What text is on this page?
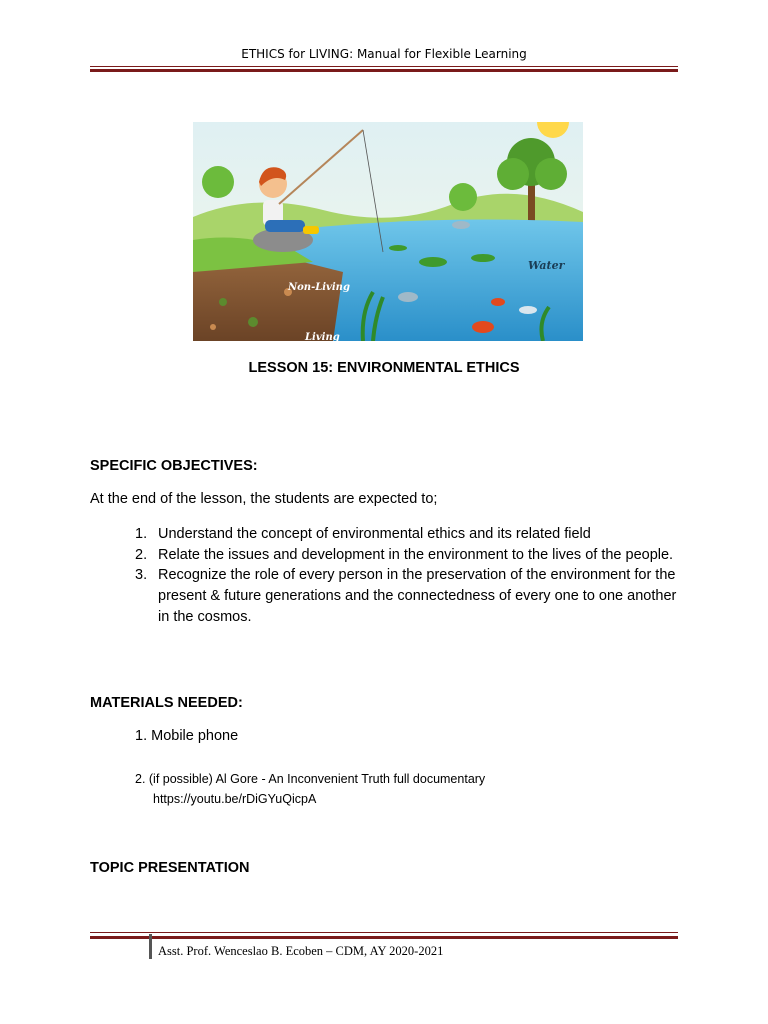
ETHICS for LIVING: Manual for Flexible Learning
Water
Non-Living
Living
LESSON 15: ENVIRONMENTAL ETHICS
SPECIFIC OBJECTIVES:
At the end of the lesson, the students are expected to;
1. Understand the concept of environmental ethics and its related field
2. Relate the issues and development in the environment to the lives of the people.
3. Recognize the role of every person in the preservation of the environment for the present & future generations and the connectedness of every one to one another in the cosmos.
MATERIALS NEEDED:
1. Mobile phone
2. (if possible) Al Gore - An Inconvenient Truth full documentary
https://youtu.be/rDiGYuQicpA
TOPIC PRESENTATION
Asst. Prof. Wenceslao B. Ecoben – CDM, AY 2020-2021
